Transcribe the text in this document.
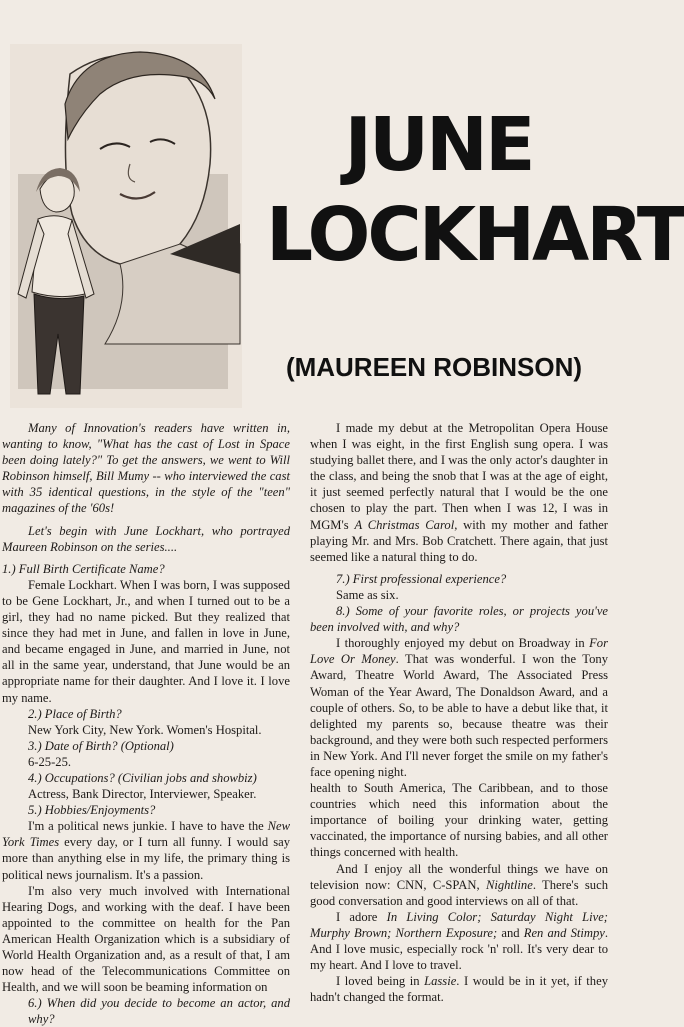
JUNE
LOCKHART
(MAUREEN ROBINSON)

Many of Innovation's readers have written in, wanting to know, "What has the cast of Lost in Space been doing lately?" To get the answers, we went to Will Robinson himself, Bill Mumy -- who interviewed the cast with 35 identical questions, in the style of the "teen" magazines of the '60s!

Let's begin with June Lockhart, who portrayed Maureen Robinson on the series....

1.) Full Birth Certificate Name?

Female Lockhart. When I was born, I was supposed to be Gene Lockhart, Jr., and when I turned out to be a girl, they had no name picked. But they realized that since they had met in June, and fallen in love in June, and became engaged in June, and married in June, not all in the same year, understand, that June would be an appropriate name for their daughter. And I love it. I love my name.

2.) Place of Birth?

New York City, New York. Women's Hospital.

3.) Date of Birth? (Optional)

6-25-25.

4.) Occupations? (Civilian jobs and showbiz)

Actress, Bank Director, Interviewer, Speaker.

5.) Hobbies/Enjoyments?

I'm a political news junkie. I have to have the New York Times every day, or I turn all funny. I would say more than anything else in my life, the primary thing is political news journalism. It's a passion.

I'm also very much involved with International Hearing Dogs, and working with the deaf. I have been appointed to the committee on health for the Pan American Health Organization which is a subsidiary of World Health Organization and, as a result of that, I am now head of the Telecommunications Committee on Health, and we will soon be beaming information on

6.) When did you decide to become an actor, and why?

I made my debut at the Metropolitan Opera House when I was eight, in the first English sung opera. I was studying ballet there, and I was the only actor's daughter in the class, and being the snob that I was at the age of eight, it just seemed perfectly natural that I would be the one chosen to play the part. Then when I was 12, I was in MGM's A Christmas Carol, with my mother and father playing Mr. and Mrs. Bob Cratchett. There again, that just seemed like a natural thing to do.

7.) First professional experience?

Same as six.

8.) Some of your favorite roles, or projects you've been involved with, and why?

I thoroughly enjoyed my debut on Broadway in For Love Or Money. That was wonderful. I won the Tony Award, Theatre World Award, The Associated Press Woman of the Year Award, The Donaldson Award, and a couple of others. So, to be able to have a debut like that, it delighted my parents so, because theatre was their background, and they were both such respected performers in New York. And I'll never forget the smile on my father's face opening night.

health to South America, The Caribbean, and to those countries which need this information about the importance of boiling your drinking water, getting vaccinated, the importance of nursing babies, and all other things concerned with health.

And I enjoy all the wonderful things we have on television now: CNN, C-SPAN, Nightline. There's such good conversation and good interviews on all of that.

I adore In Living Color; Saturday Night Live; Murphy Brown; Northern Exposure; and Ren and Stimpy. And I love music, especially rock 'n' roll. It's very dear to my heart. And I love to travel.

I loved being in Lassie. I would be in it yet, if they hadn't changed the format.
